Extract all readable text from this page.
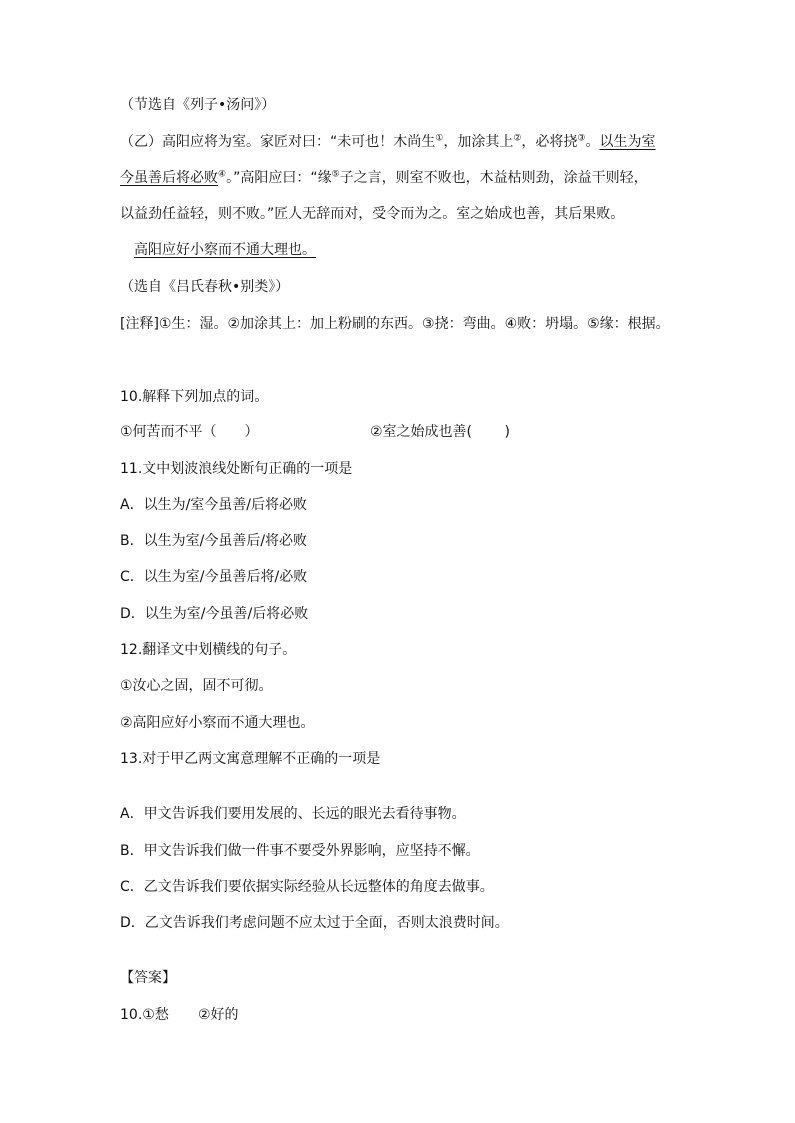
（节选自《列子•汤问》）
（乙）高阳应将为室。家匠对曰：“未可也！木尚生①，加涂其上②，必将挠③。以生为室
今虽善后将必败④。”高阳应曰：“缘⑤子之言，则室不败也，木益枯则劲，涂益干则轻，
以益劲任益轻，则不败。”匠人无辞而对，受令而为之。室之始成也善，其后果败。
高阳应好小察而不通大理也。
（选自《吕氏春秋•别类》）
[注释]①生：湿。②加涂其上：加上粉刷的东西。③挠：弯曲。④败：坍塌。⑤缘：根据。
10.解释下列加点的词。
①何苦而不平（　　）	②室之始成也善(　　 )
11.文中划波浪线处断句正确的一项是
A．以生为/室今虽善/后将必败
B．以生为室/今虽善后/将必败
C．以生为室/今虽善后将/必败
D．以生为室/今虽善/后将必败
12.翻译文中划横线的句子。
①汝心之固，固不可彻。
②高阳应好小察而不通大理也。
13.对于甲乙两文寓意理解不正确的一项是
A．甲文告诉我们要用发展的、长远的眼光去看待事物。
B．甲文告诉我们做一件事不要受外界影响，应坚持不懈。
C．乙文告诉我们要依据实际经验从长远整体的角度去做事。
D．乙文告诉我们考虑问题不应太过于全面，否则太浪费时间。
【答案】
10.①愁 ②好的
